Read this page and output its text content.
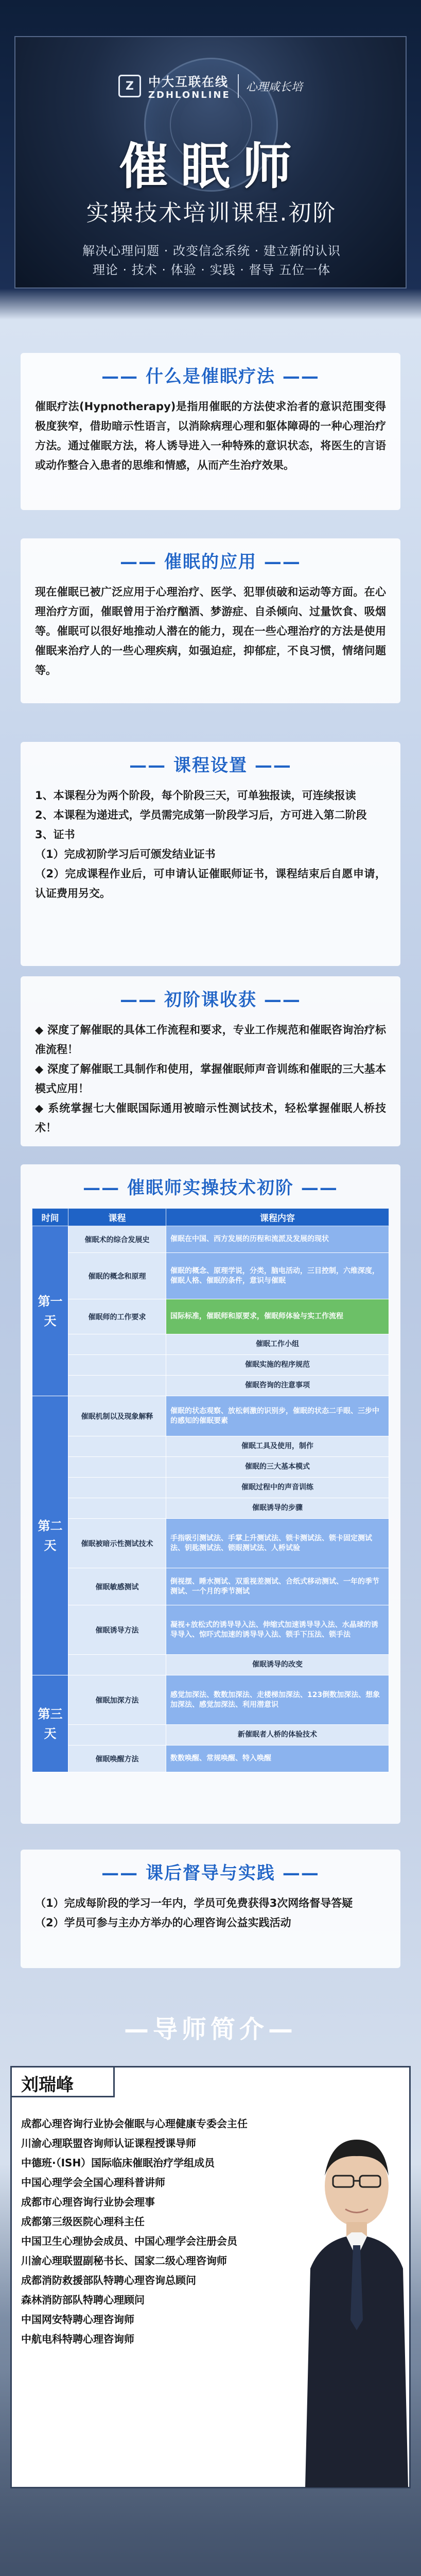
Z	中大互联在线
ZDHLONLINE
心理咸长培
催眠师
实操技术培训课程.初阶
解决心理问题 · 改变信念系统 · 建立新的认识
理论 · 技术 · 体验 · 实践 · 督导 五位一体
—— 什么是催眠疗法 ——
催眠疗法(Hypnotherapy)是指用催眠的方法使求治者的意识范围变得极度狭窄，借助暗示性语言，以消除病理心理和躯体障碍的一种心理治疗方法。通过催眠方法，将人诱导进入一种特殊的意识状态，将医生的言语或动作整合入患者的思维和情感，从而产生治疗效果。
—— 催眠的应用 ——
现在催眠已被广泛应用于心理治疗、医学、犯罪侦破和运动等方面。在心理治疗方面，催眠曾用于治疗酗酒、梦游症、自杀倾向、过量饮食、吸烟等。催眠可以很好地推动人潜在的能力，现在一些心理治疗的方法是使用催眠来治疗人的一些心理疾病，如强迫症，抑郁症，不良习惯，情绪问题等。
—— 课程设置 ——

1、本课程分为两个阶段，每个阶段三天，可单独报读，可连续报读

2、本课程为递进式，学员需完成第一阶段学习后，方可进入第二阶段

3、证书

（1）完成初阶学习后可颁发结业证书

（2）完成课程作业后，可申请认证催眠师证书，课程结束后自愿申请，认证费用另交。

—— 初阶课收获 ——

◆ 深度了解催眠的具体工作流程和要求，专业工作规范和催眠咨询治疗标准流程！

◆ 深度了解催眠工具制作和使用，掌握催眠师声音训练和催眠的三大基本模式应用！

◆ 系统掌握七大催眠国际通用被暗示性测试技术，轻松掌握催眠人桥技术！

—— 催眠师实操技术初阶 ——
时间	课程	课程内容
第一天	催眠术的综合发展史	催眠在中国、西方发展的历程和流派及发展的现状
	催眠的概念和原理	催眠的概念、原理学说，分类，脑电活动，三目控制，六维深度，催眠人格、催眠的条件，意识与催眠
	催眠师的工作要求	国际标准，催眠师和原要求，催眠师体验与实工作流程
		催眠工作小组
		催眠实施的程序规范
		催眠咨询的注意事项
第二天	催眠机制以及现象解释	催眠的状态观察、放松刺激的识别步，催眠的状态二手眼、三步中的感知的催眠要素
		催眠工具及使用，制作
		催眠的三大基本模式
		催眠过程中的声音训练
		催眠诱导的步骤
	催眠被暗示性测试技术	手指吸引测试法、手掌上升测试法、锁卡测试法、锁卡固定测试法、钥匙测试法、锁眼测试法、人桥试验
	催眠敏感测试	倒视摆、睡水测试、双重视差测试、合纸式移动测试、一年的季节测试、一个月的季节测试
	催眠诱导方法	凝视+放松式的诱导导入法、伸缩式加速诱导导入法、水晶球的诱导导入、惊吓式加速的诱导导入法、锁手下压法、锁手法
		催眠诱导的改变
第三天	催眠加深方法	感觉加深法、数数加深法、走楼梯加深法、123倒数加深法、想象加深法、感觉加深法、利用潜意识
		新催眠者人桥的体验技术
	催眠唤醒方法	数数唤醒、常规唤醒、特入唤醒
—— 课后督导与实践 ——

（1）完成每阶段的学习一年内，学员可免费获得3次网络督导答疑

（2）学员可参与主办方举办的心理咨询公益实践活动

—导师简介—
刘瑞峰
成都心理咨询行业协会催眠与心理健康专委会主任
川渝心理联盟咨询师认证课程授课导师
中德班·（ISH）国际临床催眠治疗学组成员
中国心理学会全国心理科普讲师
成都市心理咨询行业协会理事
成都第三级医院心理科主任
中国卫生心理协会成员、中国心理学会注册会员
川渝心理联盟副秘书长、国家二级心理咨询师
成都消防救援部队特聘心理咨询总顾问
森林消防部队特聘心理顾问
中国网安特聘心理咨询师
中航电科特聘心理咨询师
